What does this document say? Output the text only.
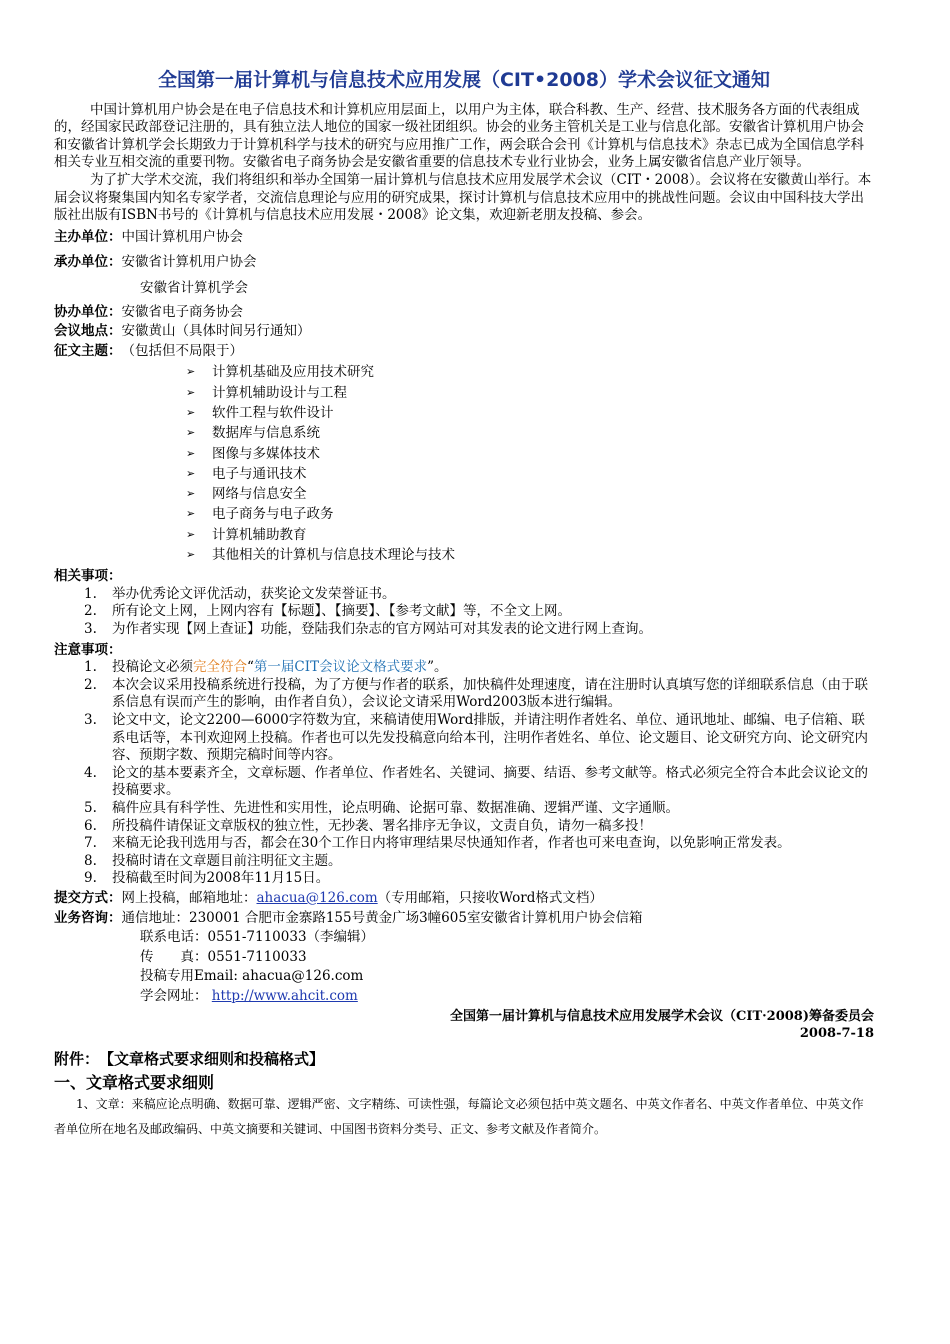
全国第一届计算机与信息技术应用发展（CIT•2008）学术会议征文通知

中国计算机用户协会是在电子信息技术和计算机应用层面上，以用户为主体，联合科教、生产、经营、技术服务各方面的代表组成的，经国家民政部登记注册的，具有独立法人地位的国家一级社团组织。协会的业务主管机关是工业与信息化部。安徽省计算机用户协会和安徽省计算机学会长期致力于计算机科学与技术的研究与应用推广工作，两会联合会刊《计算机与信息技术》杂志已成为全国信息学科相关专业互相交流的重要刊物。安徽省电子商务协会是安徽省重要的信息技术专业行业协会，业务上属安徽省信息产业厅领导。

为了扩大学术交流，我们将组织和举办全国第一届计算机与信息技术应用发展学术会议（CIT・2008）。会议将在安徽黄山举行。本届会议将聚集国内知名专家学者，交流信息理论与应用的研究成果，探讨计算机与信息技术应用中的挑战性问题。会议由中国科技大学出版社出版有ISBN书号的《计算机与信息技术应用发展・2008》论文集，欢迎新老朋友投稿、参会。

主办单位： 中国计算机用户协会
承办单位： 安徽省计算机用户协会
安徽省计算机学会
协办单位： 安徽省电子商务协会
会议地点： 安徽黄山（具体时间另行通知）
征文主题： （包括但不局限于）
➢	计算机基础及应用技术研究
➢	计算机辅助设计与工程
➢	软件工程与软件设计
➢	数据库与信息系统
➢	图像与多媒体技术
➢	电子与通讯技术
➢	网络与信息安全
➢	电子商务与电子政务
➢	计算机辅助教育
➢	其他相关的计算机与信息技术理论与技术
相关事项：
1.	举办优秀论文评优活动，获奖论文发荣誉证书。
2.	所有论文上网，上网内容有【标题】、【摘要】、【参考文献】等，不全文上网。
3.	为作者实现【网上查证】功能，登陆我们杂志的官方网站可对其发表的论文进行网上查询。
注意事项：
1.	投稿论文必须完全符合“第一届CIT会议论文格式要求”。
2.	本次会议采用投稿系统进行投稿，为了方便与作者的联系，加快稿件处理速度，请在注册时认真填写您的详细联系信息（由于联系信息有误而产生的影响，由作者自负），会议论文请采用Word2003版本进行编辑。
3.	论文中文，论文2200—6000字符数为宜，来稿请使用Word排版，并请注明作者姓名、单位、通讯地址、邮编、电子信箱、联系电话等，本刊欢迎网上投稿。作者也可以先发投稿意向给本刊，注明作者姓名、单位、论文题目、论文研究方向、论文研究内容、预期字数、预期完稿时间等内容。
4.	论文的基本要素齐全，文章标题、作者单位、作者姓名、关键词、摘要、结语、参考文献等。格式必须完全符合本此会议论文的投稿要求。
5.	稿件应具有科学性、先进性和实用性，论点明确、论据可靠、数据准确、逻辑严谨、文字通顺。
6.	所投稿件请保证文章版权的独立性，无抄袭、署名排序无争议，文责自负，请勿一稿多投！
7.	来稿无论我刊选用与否，都会在30个工作日内将审理结果尽快通知作者，作者也可来电查询，以免影响正常发表。
8.	投稿时请在文章题目前注明征文主题。
9.	投稿截至时间为2008年11月15日。
提交方式： 网上投稿，邮箱地址：ahacua@126.com（专用邮箱，只接收Word格式文档）
业务咨询： 通信地址：230001 合肥市金寨路155号黄金广场3幢605室安徽省计算机用户协会信箱
联系电话：0551-7110033（李编辑）
传　　真：0551-7110033
投稿专用Email: ahacua@126.com
学会网址： http://www.ahcit.com
全国第一届计算机与信息技术应用发展学术会议（CIT·2008)筹备委员会
2008-7-18
附件：　【文章格式要求细则和投稿格式】
一、文章格式要求细则

1、文章：来稿应论点明确、数据可靠、逻辑严密、文字精练、可读性强，每篇论文必须包括中英文题名、中英文作者名、中英文作者单位、中英文作者单位所在地名及邮政编码、中英文摘要和关键词、中国图书资料分类号、正文、参考文献及作者简介。
